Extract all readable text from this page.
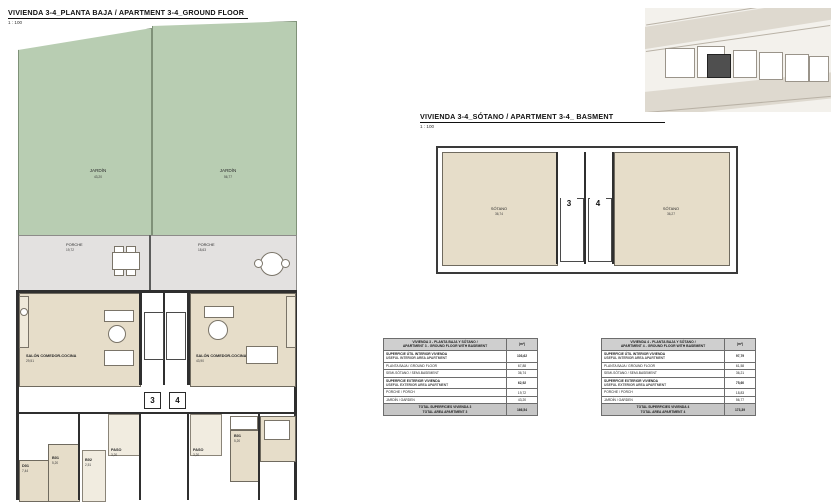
VIVIENDA 3-4_PLANTA BAJA / APARTMENT 3-4_GROUND FLOOR
1 : 100
JARDÍN
43,20
JARDÍN
56,77
PORCHE
19,72
PORCHE
18,63
SALÓN COMEDOR-COCINA
29,51
SALÓN COMEDOR-COCINA
43,90
3	4
PASO
3,20
PASO
3,20
B01
5,20
B01
5,20
B02
2,51
D01
7,44
VIVIENDA 3-4_SÓTANO / APARTMENT 3-4_ BASMENT
1 : 100
SÓTANO
36,74
SÓTANO
36,27
3	4
VIVIENDA 3 - PLANTA BAJA Y SÓTANO /
APARTMENT 3 - GROUND FLOOR WITH BASEMENT	(m²)
SUPERFICIE ÚTIL INTERIOR VIVIENDA
USEFUL INTERIOR AREA APARTMENT	103,62
PLANTA BAJA / GROUND FLOOR	67,88
SEMI-SÓTANO / SEMI-BASEMENT	36,74
SUPERFICIE EXTERIOR VIVIENDA
USEFUL EXTERIOR AREA APARTMENT	62,92
PORCHE / PORCH	19,72
JARDÍN / GARDEN	43,20
TOTAL SUPERFICIES VIVIENDA 3
TOTAL AREA APARTMENT 3	166,54
VIVIENDA 4 - PLANTA BAJA Y SÓTANO /
APARTMENT 4 - GROUND FLOOR WITH BASEMENT	(m²)
SUPERFICIE ÚTIL INTERIOR VIVIENDA
USEFUL INTERIOR AREA APARTMENT	97,79
PLANTA BAJA / GROUND FLOOR	61,58
SEMI-SÓTANO / SEMI-BASEMENT	36,21
SUPERFICIE EXTERIOR VIVIENDA
USEFUL EXTERIOR AREA APARTMENT	75,60
PORCHE / PORCH	18,83
JARDÍN / GARDEN	56,77
TOTAL SUPERFICIES VIVIENDA 4
TOTAL AREA APARTMENT 4	173,39
